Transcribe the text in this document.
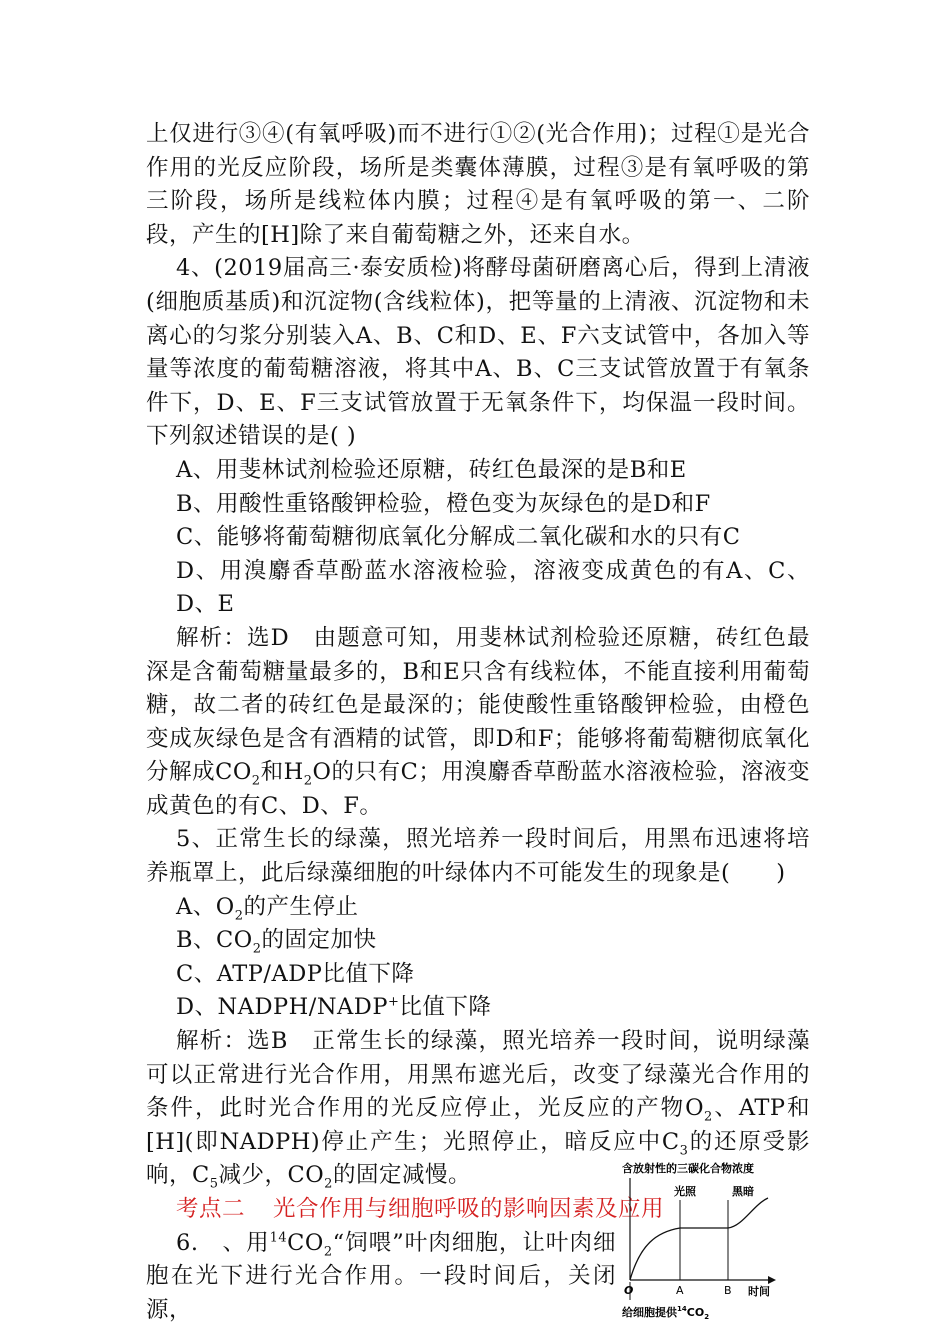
上仅进行③④(有氧呼吸)而不进行①②(光合作用)；过程①是光合作用的光反应阶段，场所是类囊体薄膜，过程③是有氧呼吸的第三阶段，场所是线粒体内膜；过程④是有氧呼吸的第一、二阶段，产生的[H]除了来自葡萄糖之外，还来自水。

4、(2019届高三·泰安质检)将酵母菌研磨离心后，得到上清液(细胞质基质)和沉淀物(含线粒体)，把等量的上清液、沉淀物和未离心的匀浆分别装入A、B、C和D、E、F六支试管中，各加入等量等浓度的葡萄糖溶液，将其中A、B、C三支试管放置于有氧条件下，D、E、F三支试管放置于无氧条件下，均保温一段时间。下列叙述错误的是( )

A、用斐林试剂检验还原糖，砖红色最深的是B和E

B、用酸性重铬酸钾检验，橙色变为灰绿色的是D和F

C、能够将葡萄糖彻底氧化分解成二氧化碳和水的只有C

D、用溴麝香草酚蓝水溶液检验，溶液变成黄色的有A、C、D、E

解析：选D　由题意可知，用斐林试剂检验还原糖，砖红色最深是含葡萄糖量最多的，B和E只含有线粒体，不能直接利用葡萄糖，故二者的砖红色是最深的；能使酸性重铬酸钾检验，由橙色变成灰绿色是含有酒精的试管，即D和F；能够将葡萄糖彻底氧化分解成$CO_2$和$H_2O$的只有C；用溴麝香草酚蓝水溶液检验，溶液变成黄色的有C、D、F。

5、正常生长的绿藻，照光培养一段时间后，用黑布迅速将培养瓶罩上，此后绿藻细胞的叶绿体内不可能发生的现象是(　　)

A、$O_2$的产生停止

B、$CO_2$的固定加快

C、ATP/ADP比值下降

D、NADPH/NADP+比值下降

解析：选B　正常生长的绿藻，照光培养一段时间，说明绿藻可以正常进行光合作用，用黑布遮光后，改变了绿藻光合作用的条件，此时光合作用的光反应停止，光反应的产物$O_2$、ATP和[H](即NADPH)停止产生；光照停止，暗反应中$C_3$的还原受影响，$C_5$减少，$CO_2$的固定减慢。

考点二 光合作用与细胞呼吸的影响因素及应用

6.　、用$^{14}CO_2“$饲喂”叶肉细胞，让叶肉细胞在光下进行光合作用。一段时间后，关闭源，

含放射性的三碳化合物浓度
光照	黑暗
O	A	B 时间
给细胞提供$^{14}CO_2$
